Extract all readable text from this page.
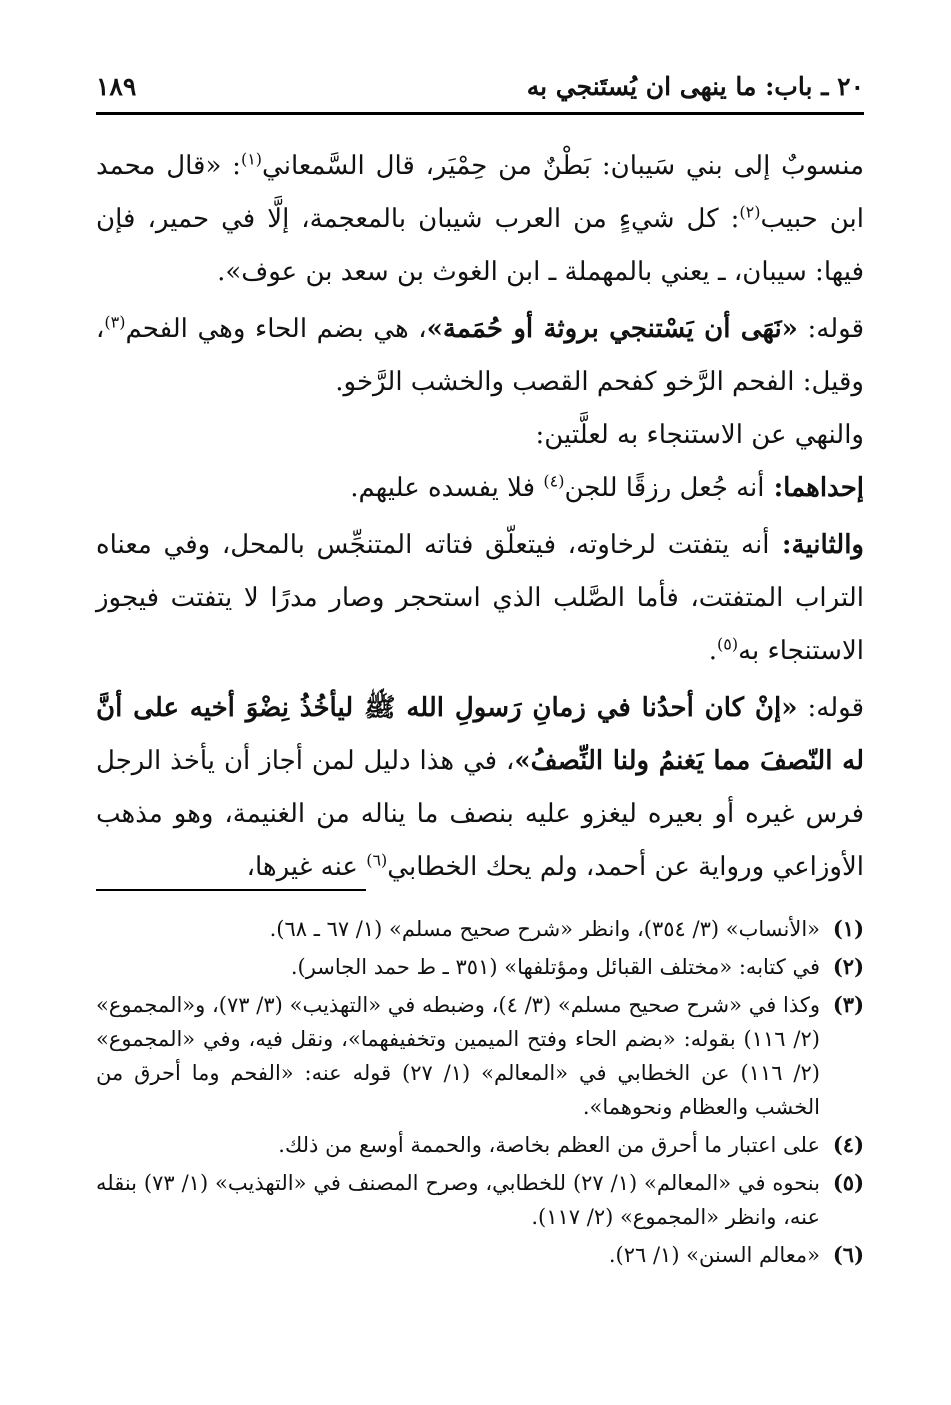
٢٠ ـ باب: ما ينهى ان يُستَنجي به
١٨٩

منسوبٌ إلى بني سَيبان: بَطْنٌ من حِمْيَر، قال السَّمعاني$^{(١)}$: «قال محمد ابن حبيب$^{(٢)}$: كل شيءٍ من العرب شيبان بالمعجمة، إلَّا في حمير، فإن فيها: سيبان، ـ يعني بالمهملة ـ ابن الغوث بن سعد بن عوف».

قوله: «نَهَى أن يَسْتنجي بروثة أو حُمَمة»، هي بضم الحاء وهي الفحم$^{(٣)}$، وقيل: الفحم الرَّخو كفحم القصب والخشب الرَّخو.

والنهي عن الاستنجاء به لعلَّتين:

إحداهما: أنه جُعل رزقًا للجن$^{(٤)}$ فلا يفسده عليهم.

والثانية: أنه يتفتت لرخاوته، فيتعلّق فتاته المتنجِّس بالمحل، وفي معناه التراب المتفتت، فأما الصَّلب الذي استحجر وصار مدرًا لا يتفتت فيجوز الاستنجاء به$^{(٥)}$.

قوله: «إنْ كان أحدُنا في زمانِ رَسولِ الله ﷺ ليأخُذُ نِضْوَ أخيه على أنَّ له النّصفَ مما يَغنمُ ولنا النِّصفُ»، في هذا دليل لمن أجاز أن يأخذ الرجل فرس غيره أو بعيره ليغزو عليه بنصف ما يناله من الغنيمة، وهو مذهب الأوزاعي ورواية عن أحمد، ولم يحك الخطابي$^{(٦)}$ عنه غيرها،

(١)
«الأنساب» (٣/ ٣٥٤)، وانظر «شرح صحيح مسلم» (١/ ٦٧ ـ ٦٨).
(٢)
في كتابه: «مختلف القبائل ومؤتلفها» (٣٥١ ـ ط حمد الجاسر).
(٣)
وكذا في «شرح صحيح مسلم» (٣/ ٤)، وضبطه في «التهذيب» (٣/ ٧٣)، و«المجموع» (٢/ ١١٦) بقوله: «بضم الحاء وفتح الميمين وتخفيفهما»، ونقل فيه، وفي «المجموع» (٢/ ١١٦) عن الخطابي في «المعالم» (١/ ٢٧) قوله عنه: «الفحم وما أحرق من الخشب والعظام ونحوهما».
(٤)
على اعتبار ما أحرق من العظم بخاصة، والحممة أوسع من ذلك.
(٥)
بنحوه في «المعالم» (١/ ٢٧) للخطابي، وصرح المصنف في «التهذيب» (١/ ٧٣) بنقله عنه، وانظر «المجموع» (٢/ ١١٧).
(٦)
«معالم السنن» (١/ ٢٦).
